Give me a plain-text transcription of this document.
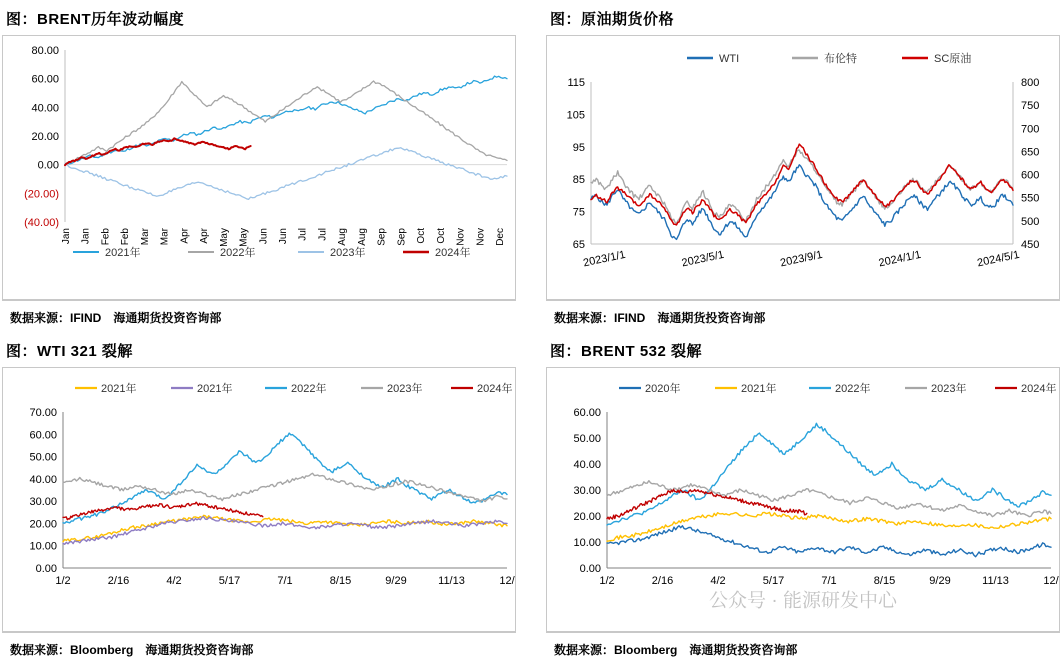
图：BRENT历年波动幅度
80.00
60.00
40.00
20.00
0.00
(20.00)
(40.00)
Jan Jan Feb Feb Mar Mar Apr Apr May May Jun Jun Jul Jul Aug Aug Sep Sep Oct Oct Nov Nov Dec
2021年	2022年	2023年	2024年
数据来源：IFIND　海通期货投资咨询部
图：原油期货价格
115
105
95
85
75
65
800
750
700
650
600
550
500
450
2023/1/1	2023/5/1	2023/9/1	2024/1/1	2024/5/1
WTI	布伦特	SC原油
数据来源：IFIND　海通期货投资咨询部
图：WTI 321 裂解
70.00
60.00
50.00
40.00
30.00
20.00
10.00
0.00
1/2	2/16	4/2	5/17	7/1	8/15	9/29	11/13	12/
2021年	2021年	2022年	2023年	2024年
数据来源：Bloomberg　海通期货投资咨询部
图：BRENT 532 裂解
60.00
50.00
40.00
30.00
20.00
10.00
0.00
1/2	2/16	4/2	5/17	7/1	8/15	9/29	11/13	12/
2020年	2021年	2022年	2023年	2024年
公众号 · 能源研发中心
数据来源：Bloomberg　海通期货投资咨询部
